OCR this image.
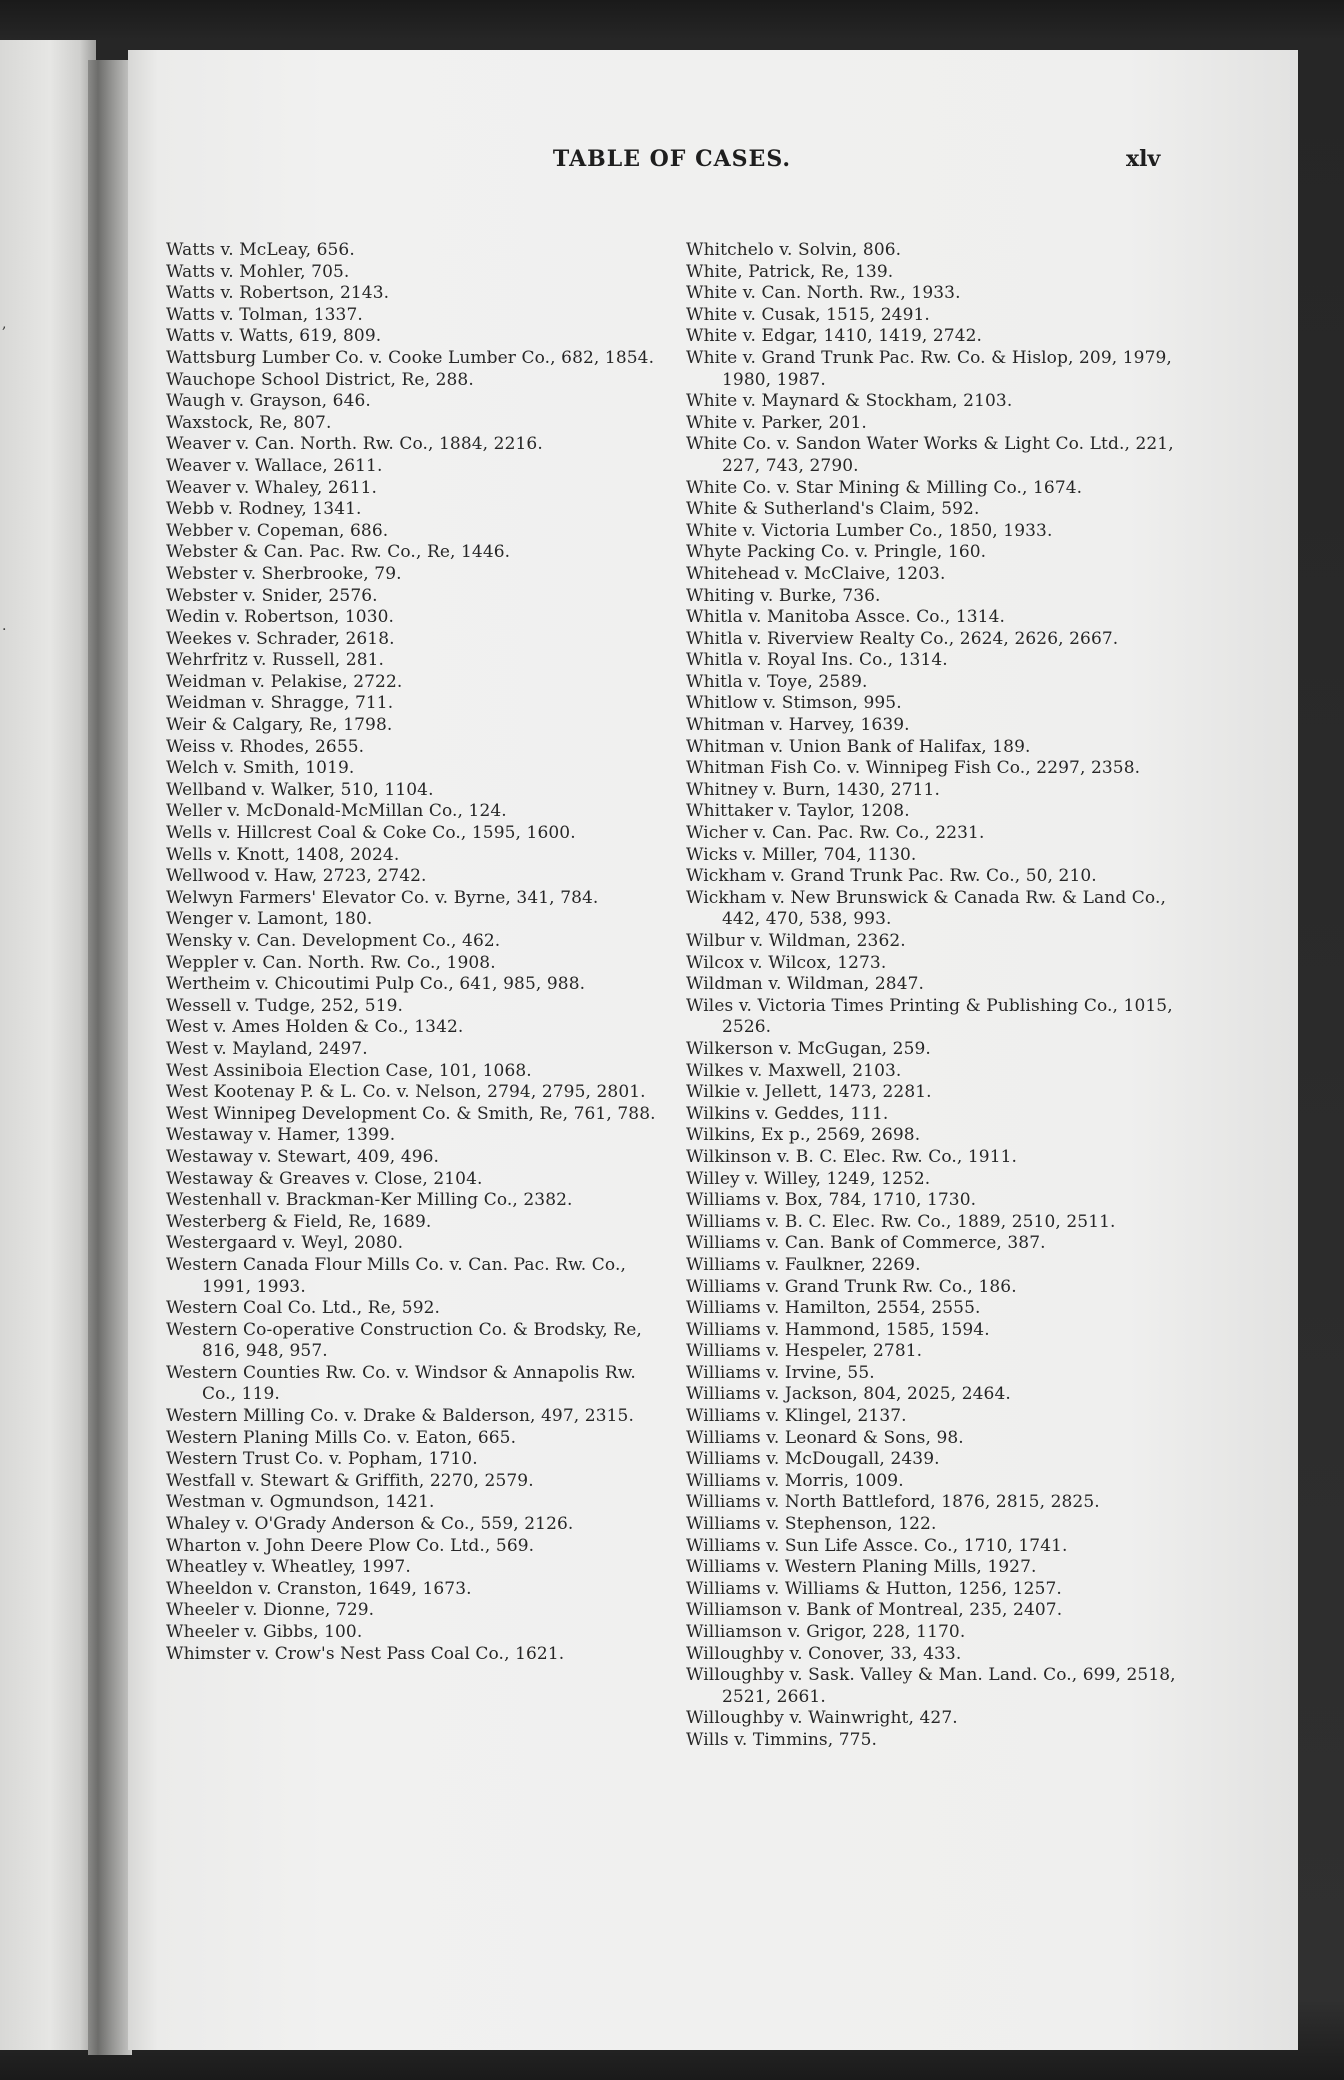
,
.
TABLE OF CASES.	xlv
Watts v. McLeay, 656.
Watts v. Mohler, 705.
Watts v. Robertson, 2143.
Watts v. Tolman, 1337.
Watts v. Watts, 619, 809.
Wattsburg Lumber Co. v. Cooke Lumber Co., 682, 1854.
Wauchope School District, Re, 288.
Waugh v. Grayson, 646.
Waxstock, Re, 807.
Weaver v. Can. North. Rw. Co., 1884, 2216.
Weaver v. Wallace, 2611.
Weaver v. Whaley, 2611.
Webb v. Rodney, 1341.
Webber v. Copeman, 686.
Webster & Can. Pac. Rw. Co., Re, 1446.
Webster v. Sherbrooke, 79.
Webster v. Snider, 2576.
Wedin v. Robertson, 1030.
Weekes v. Schrader, 2618.
Wehrfritz v. Russell, 281.
Weidman v. Pelakise, 2722.
Weidman v. Shragge, 711.
Weir & Calgary, Re, 1798.
Weiss v. Rhodes, 2655.
Welch v. Smith, 1019.
Wellband v. Walker, 510, 1104.
Weller v. McDonald-McMillan Co., 124.
Wells v. Hillcrest Coal & Coke Co., 1595, 1600.
Wells v. Knott, 1408, 2024.
Wellwood v. Haw, 2723, 2742.
Welwyn Farmers' Elevator Co. v. Byrne, 341, 784.
Wenger v. Lamont, 180.
Wensky v. Can. Development Co., 462.
Weppler v. Can. North. Rw. Co., 1908.
Wertheim v. Chicoutimi Pulp Co., 641, 985, 988.
Wessell v. Tudge, 252, 519.
West v. Ames Holden & Co., 1342.
West v. Mayland, 2497.
West Assiniboia Election Case, 101, 1068.
West Kootenay P. & L. Co. v. Nelson, 2794, 2795, 2801.
West Winnipeg Development Co. & Smith, Re, 761, 788.
Westaway v. Hamer, 1399.
Westaway v. Stewart, 409, 496.
Westaway & Greaves v. Close, 2104.
Westenhall v. Brackman-Ker Milling Co., 2382.
Westerberg & Field, Re, 1689.
Westergaard v. Weyl, 2080.
Western Canada Flour Mills Co. v. Can. Pac. Rw. Co., 1991, 1993.
Western Coal Co. Ltd., Re, 592.
Western Co-operative Construction Co. & Brodsky, Re, 816, 948, 957.
Western Counties Rw. Co. v. Windsor & Annapolis Rw. Co., 119.
Western Milling Co. v. Drake & Balderson, 497, 2315.
Western Planing Mills Co. v. Eaton, 665.
Western Trust Co. v. Popham, 1710.
Westfall v. Stewart & Griffith, 2270, 2579.
Westman v. Ogmundson, 1421.
Whaley v. O'Grady Anderson & Co., 559, 2126.
Wharton v. John Deere Plow Co. Ltd., 569.
Wheatley v. Wheatley, 1997.
Wheeldon v. Cranston, 1649, 1673.
Wheeler v. Dionne, 729.
Wheeler v. Gibbs, 100.
Whimster v. Crow's Nest Pass Coal Co., 1621.
Whitchelo v. Solvin, 806.
White, Patrick, Re, 139.
White v. Can. North. Rw., 1933.
White v. Cusak, 1515, 2491.
White v. Edgar, 1410, 1419, 2742.
White v. Grand Trunk Pac. Rw. Co. & Hislop, 209, 1979, 1980, 1987.
White v. Maynard & Stockham, 2103.
White v. Parker, 201.
White Co. v. Sandon Water Works & Light Co. Ltd., 221, 227, 743, 2790.
White Co. v. Star Mining & Milling Co., 1674.
White & Sutherland's Claim, 592.
White v. Victoria Lumber Co., 1850, 1933.
Whyte Packing Co. v. Pringle, 160.
Whitehead v. McClaive, 1203.
Whiting v. Burke, 736.
Whitla v. Manitoba Assce. Co., 1314.
Whitla v. Riverview Realty Co., 2624, 2626, 2667.
Whitla v. Royal Ins. Co., 1314.
Whitla v. Toye, 2589.
Whitlow v. Stimson, 995.
Whitman v. Harvey, 1639.
Whitman v. Union Bank of Halifax, 189.
Whitman Fish Co. v. Winnipeg Fish Co., 2297, 2358.
Whitney v. Burn, 1430, 2711.
Whittaker v. Taylor, 1208.
Wicher v. Can. Pac. Rw. Co., 2231.
Wicks v. Miller, 704, 1130.
Wickham v. Grand Trunk Pac. Rw. Co., 50, 210.
Wickham v. New Brunswick & Canada Rw. & Land Co., 442, 470, 538, 993.
Wilbur v. Wildman, 2362.
Wilcox v. Wilcox, 1273.
Wildman v. Wildman, 2847.
Wiles v. Victoria Times Printing & Publishing Co., 1015, 2526.
Wilkerson v. McGugan, 259.
Wilkes v. Maxwell, 2103.
Wilkie v. Jellett, 1473, 2281.
Wilkins v. Geddes, 111.
Wilkins, Ex p., 2569, 2698.
Wilkinson v. B. C. Elec. Rw. Co., 1911.
Willey v. Willey, 1249, 1252.
Williams v. Box, 784, 1710, 1730.
Williams v. B. C. Elec. Rw. Co., 1889, 2510, 2511.
Williams v. Can. Bank of Commerce, 387.
Williams v. Faulkner, 2269.
Williams v. Grand Trunk Rw. Co., 186.
Williams v. Hamilton, 2554, 2555.
Williams v. Hammond, 1585, 1594.
Williams v. Hespeler, 2781.
Williams v. Irvine, 55.
Williams v. Jackson, 804, 2025, 2464.
Williams v. Klingel, 2137.
Williams v. Leonard & Sons, 98.
Williams v. McDougall, 2439.
Williams v. Morris, 1009.
Williams v. North Battleford, 1876, 2815, 2825.
Williams v. Stephenson, 122.
Williams v. Sun Life Assce. Co., 1710, 1741.
Williams v. Western Planing Mills, 1927.
Williams v. Williams & Hutton, 1256, 1257.
Williamson v. Bank of Montreal, 235, 2407.
Williamson v. Grigor, 228, 1170.
Willoughby v. Conover, 33, 433.
Willoughby v. Sask. Valley & Man. Land. Co., 699, 2518, 2521, 2661.
Willoughby v. Wainwright, 427.
Wills v. Timmins, 775.
